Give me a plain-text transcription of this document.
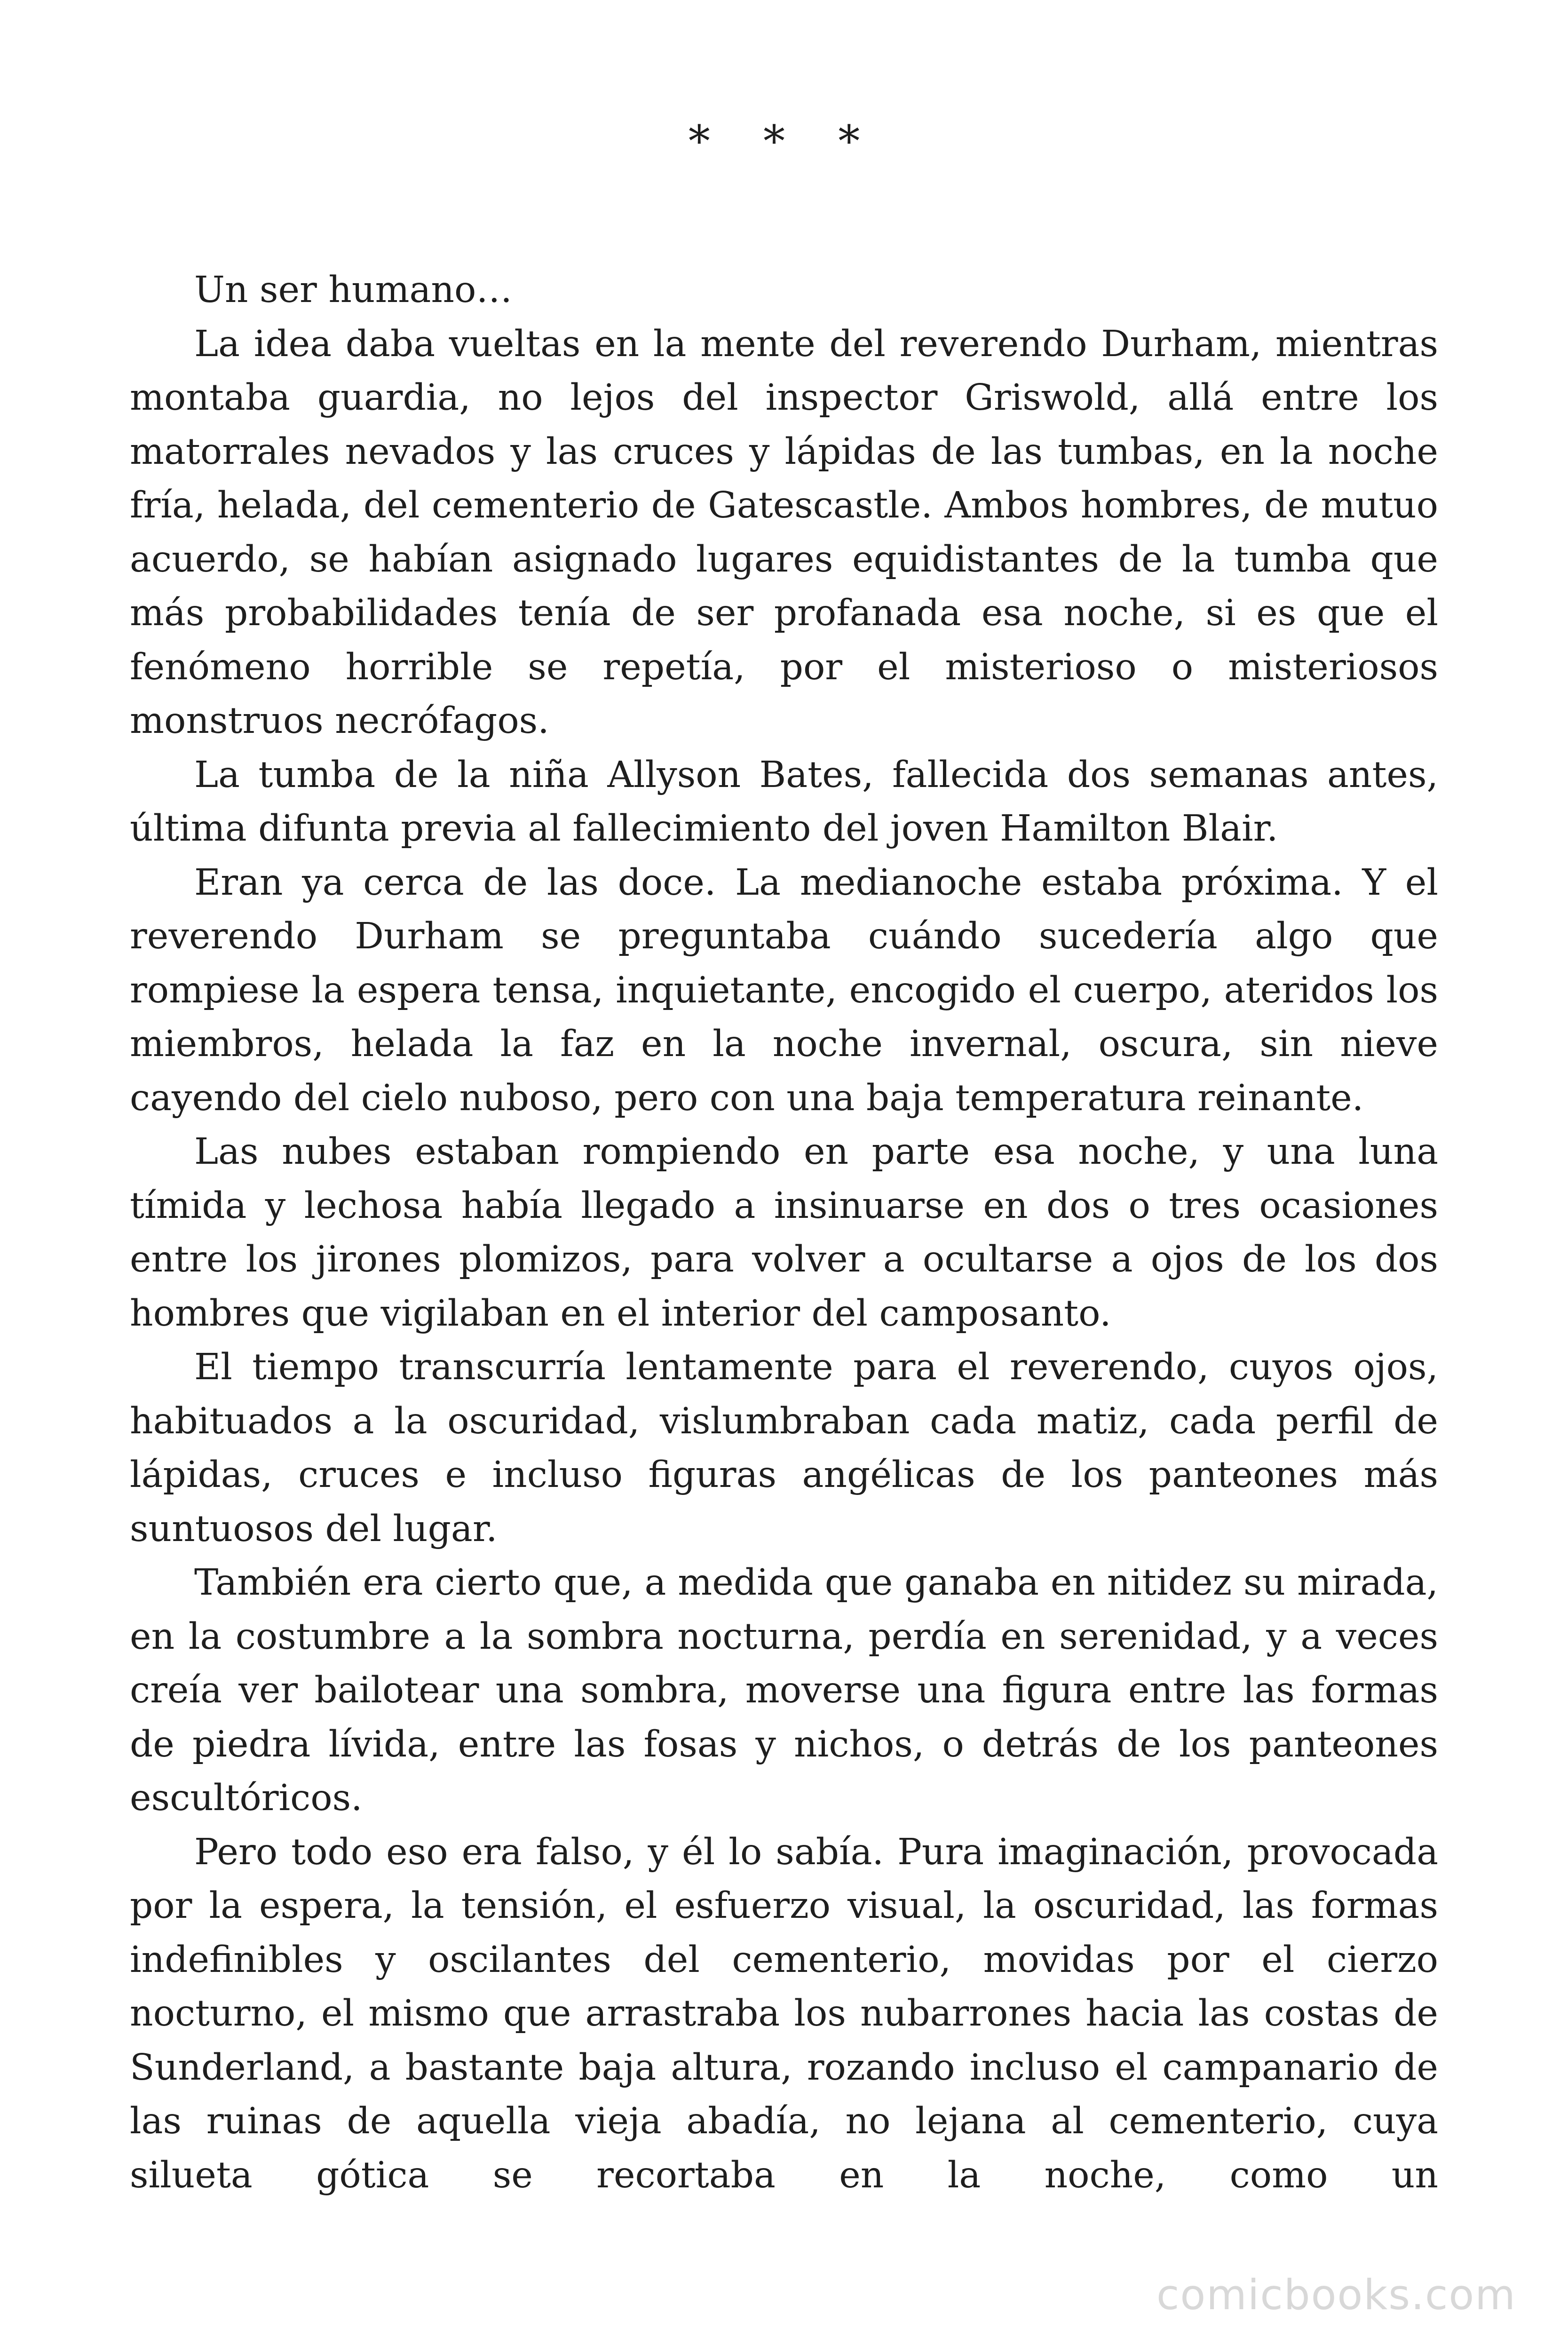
* * *

Un ser humano…

La idea daba vueltas en la mente del reverendo Durham, mientras montaba guardia, no lejos del inspector Griswold, allá entre los matorrales nevados y las cruces y lápidas de las tumbas, en la noche fría, helada, del cementerio de Gatescastle. Ambos hombres, de mutuo acuerdo, se habían asignado lugares equidistantes de la tumba que más probabilidades tenía de ser profanada esa noche, si es que el fenómeno horrible se repetía, por el misterioso o misteriosos monstruos necrófagos.

La tumba de la niña Allyson Bates, fallecida dos semanas antes, última difunta previa al fallecimiento del joven Hamilton Blair.

Eran ya cerca de las doce. La medianoche estaba próxima. Y el reverendo Durham se preguntaba cuándo sucedería algo que rompiese la espera tensa, inquietante, encogido el cuerpo, ateridos los miembros, helada la faz en la noche invernal, oscura, sin nieve cayendo del cielo nuboso, pero con una baja temperatura reinante.

Las nubes estaban rompiendo en parte esa noche, y una luna tímida y lechosa había llegado a insinuarse en dos o tres ocasiones entre los jirones plomizos, para volver a ocultarse a ojos de los dos hombres que vigilaban en el interior del camposanto.

El tiempo transcurría lentamente para el reverendo, cuyos ojos, habituados a la oscuridad, vislumbraban cada matiz, cada perfil de lápidas, cruces e incluso figuras angélicas de los panteones más suntuosos del lugar.

También era cierto que, a medida que ganaba en nitidez su mirada, en la costumbre a la sombra nocturna, perdía en serenidad, y a veces creía ver bailotear una sombra, moverse una figura entre las formas de piedra lívida, entre las fosas y nichos, o detrás de los panteones escultóricos.

Pero todo eso era falso, y él lo sabía. Pura imaginación, provocada por la espera, la tensión, el esfuerzo visual, la oscuridad, las formas indefinibles y oscilantes del cementerio, movidas por el cierzo nocturno, el mismo que arrastraba los nubarrones hacia las costas de Sunderland, a bastante baja altura, rozando incluso el campanario de las ruinas de aquella vieja abadía, no lejana al cementerio, cuya silueta gótica se recortaba en la noche, como un

comicbooks.com
